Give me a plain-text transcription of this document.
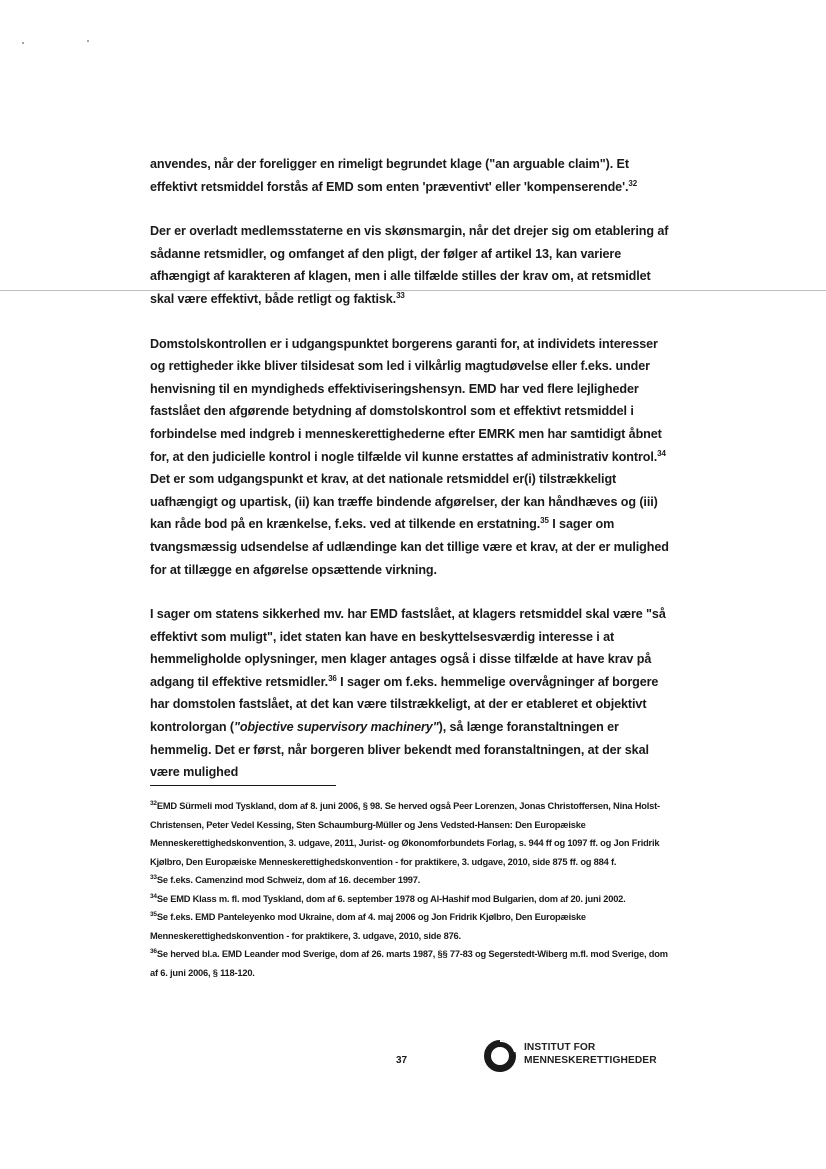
anvendes, når der foreligger en rimeligt begrundet klage ("an arguable claim"). Et effektivt retsmiddel forstås af EMD som enten 'præventivt' eller 'kompenserende'.$^{32}$

Der er overladt medlemsstaterne en vis skønsmargin, når det drejer sig om etablering af sådanne retsmidler, og omfanget af den pligt, der følger af artikel 13, kan variere afhængigt af karakteren af klagen, men i alle tilfælde stilles der krav om, at retsmidlet skal være effektivt, både retligt og faktisk.$^{33}$

Domstolskontrollen er i udgangspunktet borgerens garanti for, at individets interesser og rettigheder ikke bliver tilsidesat som led i vilkårlig magtudøvelse eller f.eks. under henvisning til en myndigheds effektiviseringshensyn. EMD har ved flere lejligheder fastslået den afgørende betydning af domstolskontrol som et effektivt retsmiddel i forbindelse med indgreb i menneskerettighederne efter EMRK men har samtidigt åbnet for, at den judicielle kontrol i nogle tilfælde vil kunne erstattes af administrativ kontrol.$^{34}$ Det er som udgangspunkt et krav, at det nationale retsmiddel er(i) tilstrækkeligt uafhængigt og upartisk, (ii) kan træffe bindende afgørelser, der kan håndhæves og (iii) kan råde bod på en krænkelse, f.eks. ved at tilkende en erstatning.$^{35}$ I sager om tvangsmæssig udsendelse af udlændinge kan det tillige være et krav, at der er mulighed for at tillægge en afgørelse opsættende virkning.

I sager om statens sikkerhed mv. har EMD fastslået, at klagers retsmiddel skal være "så effektivt som muligt", idet staten kan have en beskyttelsesværdig interesse i at hemmeligholde oplysninger, men klager antages også i disse tilfælde at have krav på adgang til effektive retsmidler.$^{36}$ I sager om f.eks. hemmelige overvågninger af borgere har domstolen fastslået, at det kan være tilstrækkeligt, at der er etableret et objektivt kontrolorgan ("objective supervisory machinery"), så længe foranstaltningen er hemmelig. Det er først, når borgeren bliver bekendt med foranstaltningen, at der skal være mulighed

$^{32}$EMD Sürmeli mod Tyskland, dom af 8. juni 2006, § 98. Se herved også Peer Lorenzen, Jonas Christoffersen, Nina Holst-Christensen, Peter Vedel Kessing, Sten Schaumburg-Müller og Jens Vedsted-Hansen: Den Europæiske Menneskerettighedskonvention, 3. udgave, 2011, Jurist- og Økonomforbundets Forlag, s. 944 ff og 1097 ff. og Jon Fridrik Kjølbro, Den Europæiske Menneskerettighedskonvention - for praktikere, 3. udgave, 2010, side 875 ff. og 884 f.

$^{33}$Se f.eks. Camenzind mod Schweiz, dom af 16. december 1997.

$^{34}$Se EMD Klass m. fl. mod Tyskland, dom af 6. september 1978 og Al-Hashif mod Bulgarien, dom af 20. juni 2002.

$^{35}$Se f.eks. EMD Panteleyenko mod Ukraine, dom af 4. maj 2006 og Jon Fridrik Kjølbro, Den Europæiske Menneskerettighedskonvention - for praktikere, 3. udgave, 2010, side 876.

$^{36}$Se herved bl.a. EMD Leander mod Sverige, dom af 26. marts 1987, §§ 77-83 og Segerstedt-Wiberg m.fl. mod Sverige, dom af 6. juni 2006, § 118-120.

37
INSTITUT FOR
MENNESKERETTIGHEDER
